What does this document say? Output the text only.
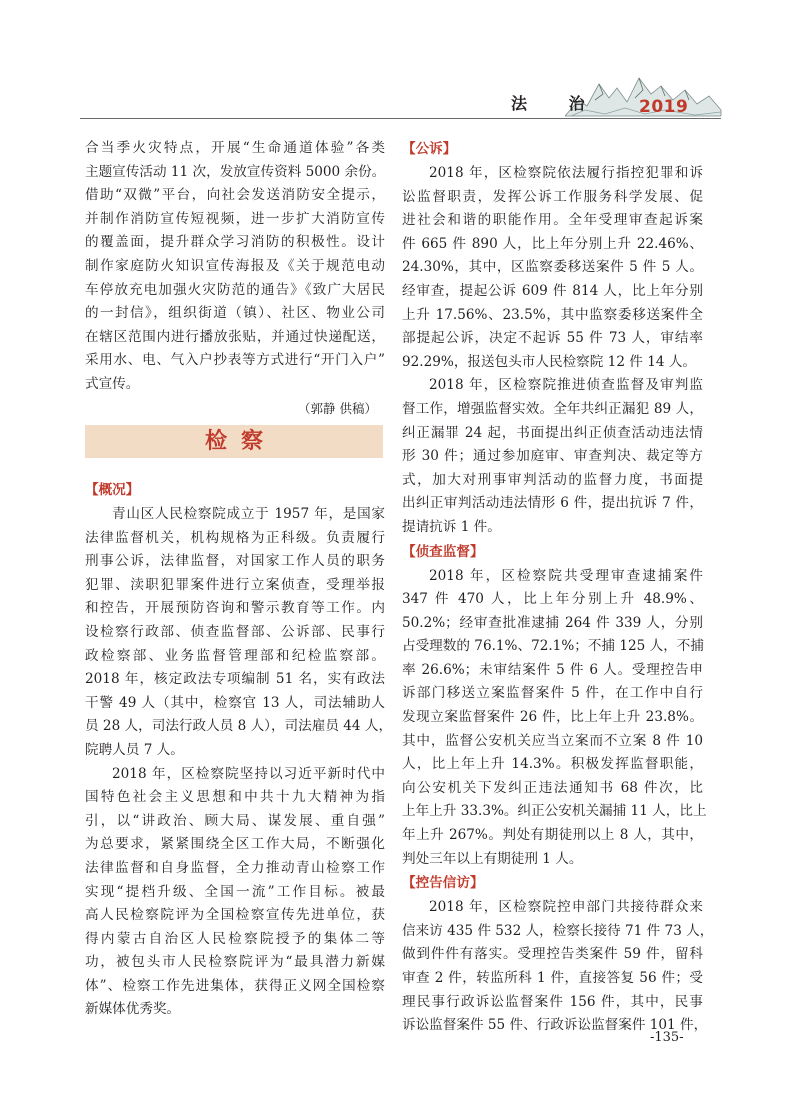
法 治 2019
合当季火灾特点，开展“生命通道体验”各类
主题宣传活动 11 次，发放宣传资料 5000 余份。
借助“双微”平台，向社会发送消防安全提示，
并制作消防宣传短视频，进一步扩大消防宣传
的覆盖面，提升群众学习消防的积极性。设计
制作家庭防火知识宣传海报及《关于规范电动
车停放充电加强火灾防范的通告》《致广大居民
的一封信》，组织街道（镇）、社区、物业公司
在辖区范围内进行播放张贴，并通过快递配送，
采用水、电、气入户抄表等方式进行“开门入户”
式宣传。
（郭静 供稿）
检察
【概况】
青山区人民检察院成立于 1957 年，是国家
法律监督机关，机构规格为正科级。负责履行
刑事公诉，法律监督，对国家工作人员的职务
犯罪、渎职犯罪案件进行立案侦查，受理举报
和控告，开展预防咨询和警示教育等工作。内
设检察行政部、侦查监督部、公诉部、民事行
政检察部、业务监督管理部和纪检监察部。
2018 年，核定政法专项编制 51 名，实有政法
干警 49 人（其中，检察官 13 人，司法辅助人
员 28 人，司法行政人员 8 人），司法雇员 44 人，
院聘人员 7 人。
2018 年，区检察院坚持以习近平新时代中
国特色社会主义思想和中共十九大精神为指
引，以“讲政治、顾大局、谋发展、重自强”
为总要求，紧紧围绕全区工作大局，不断强化
法律监督和自身监督，全力推动青山检察工作
实现“提档升级、全国一流”工作目标。被最
高人民检察院评为全国检察宣传先进单位，获
得内蒙古自治区人民检察院授予的集体二等
功，被包头市人民检察院评为“最具潜力新媒
体”、检察工作先进集体，获得正义网全国检察
新媒体优秀奖。
【公诉】
2018 年，区检察院依法履行指控犯罪和诉
讼监督职责，发挥公诉工作服务科学发展、促
进社会和谐的职能作用。全年受理审查起诉案
件 665 件 890 人，比上年分别上升 22.46%、
24.30%，其中，区监察委移送案件 5 件 5 人。
经审查，提起公诉 609 件 814 人，比上年分别
上升 17.56%、23.5%，其中监察委移送案件全
部提起公诉，决定不起诉 55 件 73 人，审结率
92.29%，报送包头市人民检察院 12 件 14 人。
2018 年，区检察院推进侦查监督及审判监
督工作，增强监督实效。全年共纠正漏犯 89 人，
纠正漏罪 24 起，书面提出纠正侦查活动违法情
形 30 件；通过参加庭审、审查判决、裁定等方
式，加大对刑事审判活动的监督力度，书面提
出纠正审判活动违法情形 6 件，提出抗诉 7 件，
提请抗诉 1 件。
【侦查监督】
2018 年，区检察院共受理审查逮捕案件
347 件 470 人，比上年分别上升 48.9%、
50.2%；经审查批准逮捕 264 件 339 人，分别
占受理数的 76.1%、72.1%；不捕 125 人，不捕
率 26.6%；未审结案件 5 件 6 人。受理控告申
诉部门移送立案监督案件 5 件，在工作中自行
发现立案监督案件 26 件，比上年上升 23.8%。
其中，监督公安机关应当立案而不立案 8 件 10
人，比上年上升 14.3%。积极发挥监督职能，
向公安机关下发纠正违法通知书 68 件次，比
上年上升 33.3%。纠正公安机关漏捕 11 人，比上
年上升 267%。判处有期徒刑以上 8 人，其中，
判处三年以上有期徒刑 1 人。
【控告信访】
2018 年，区检察院控申部门共接待群众来
信来访 435 件 532 人，检察长接待 71 件 73 人，
做到件件有落实。受理控告类案件 59 件，留科
审查 2 件，转监所科 1 件，直接答复 56 件；受
理民事行政诉讼监督案件 156 件，其中，民事
诉讼监督案件 55 件、行政诉讼监督案件 101 件，
-135-
